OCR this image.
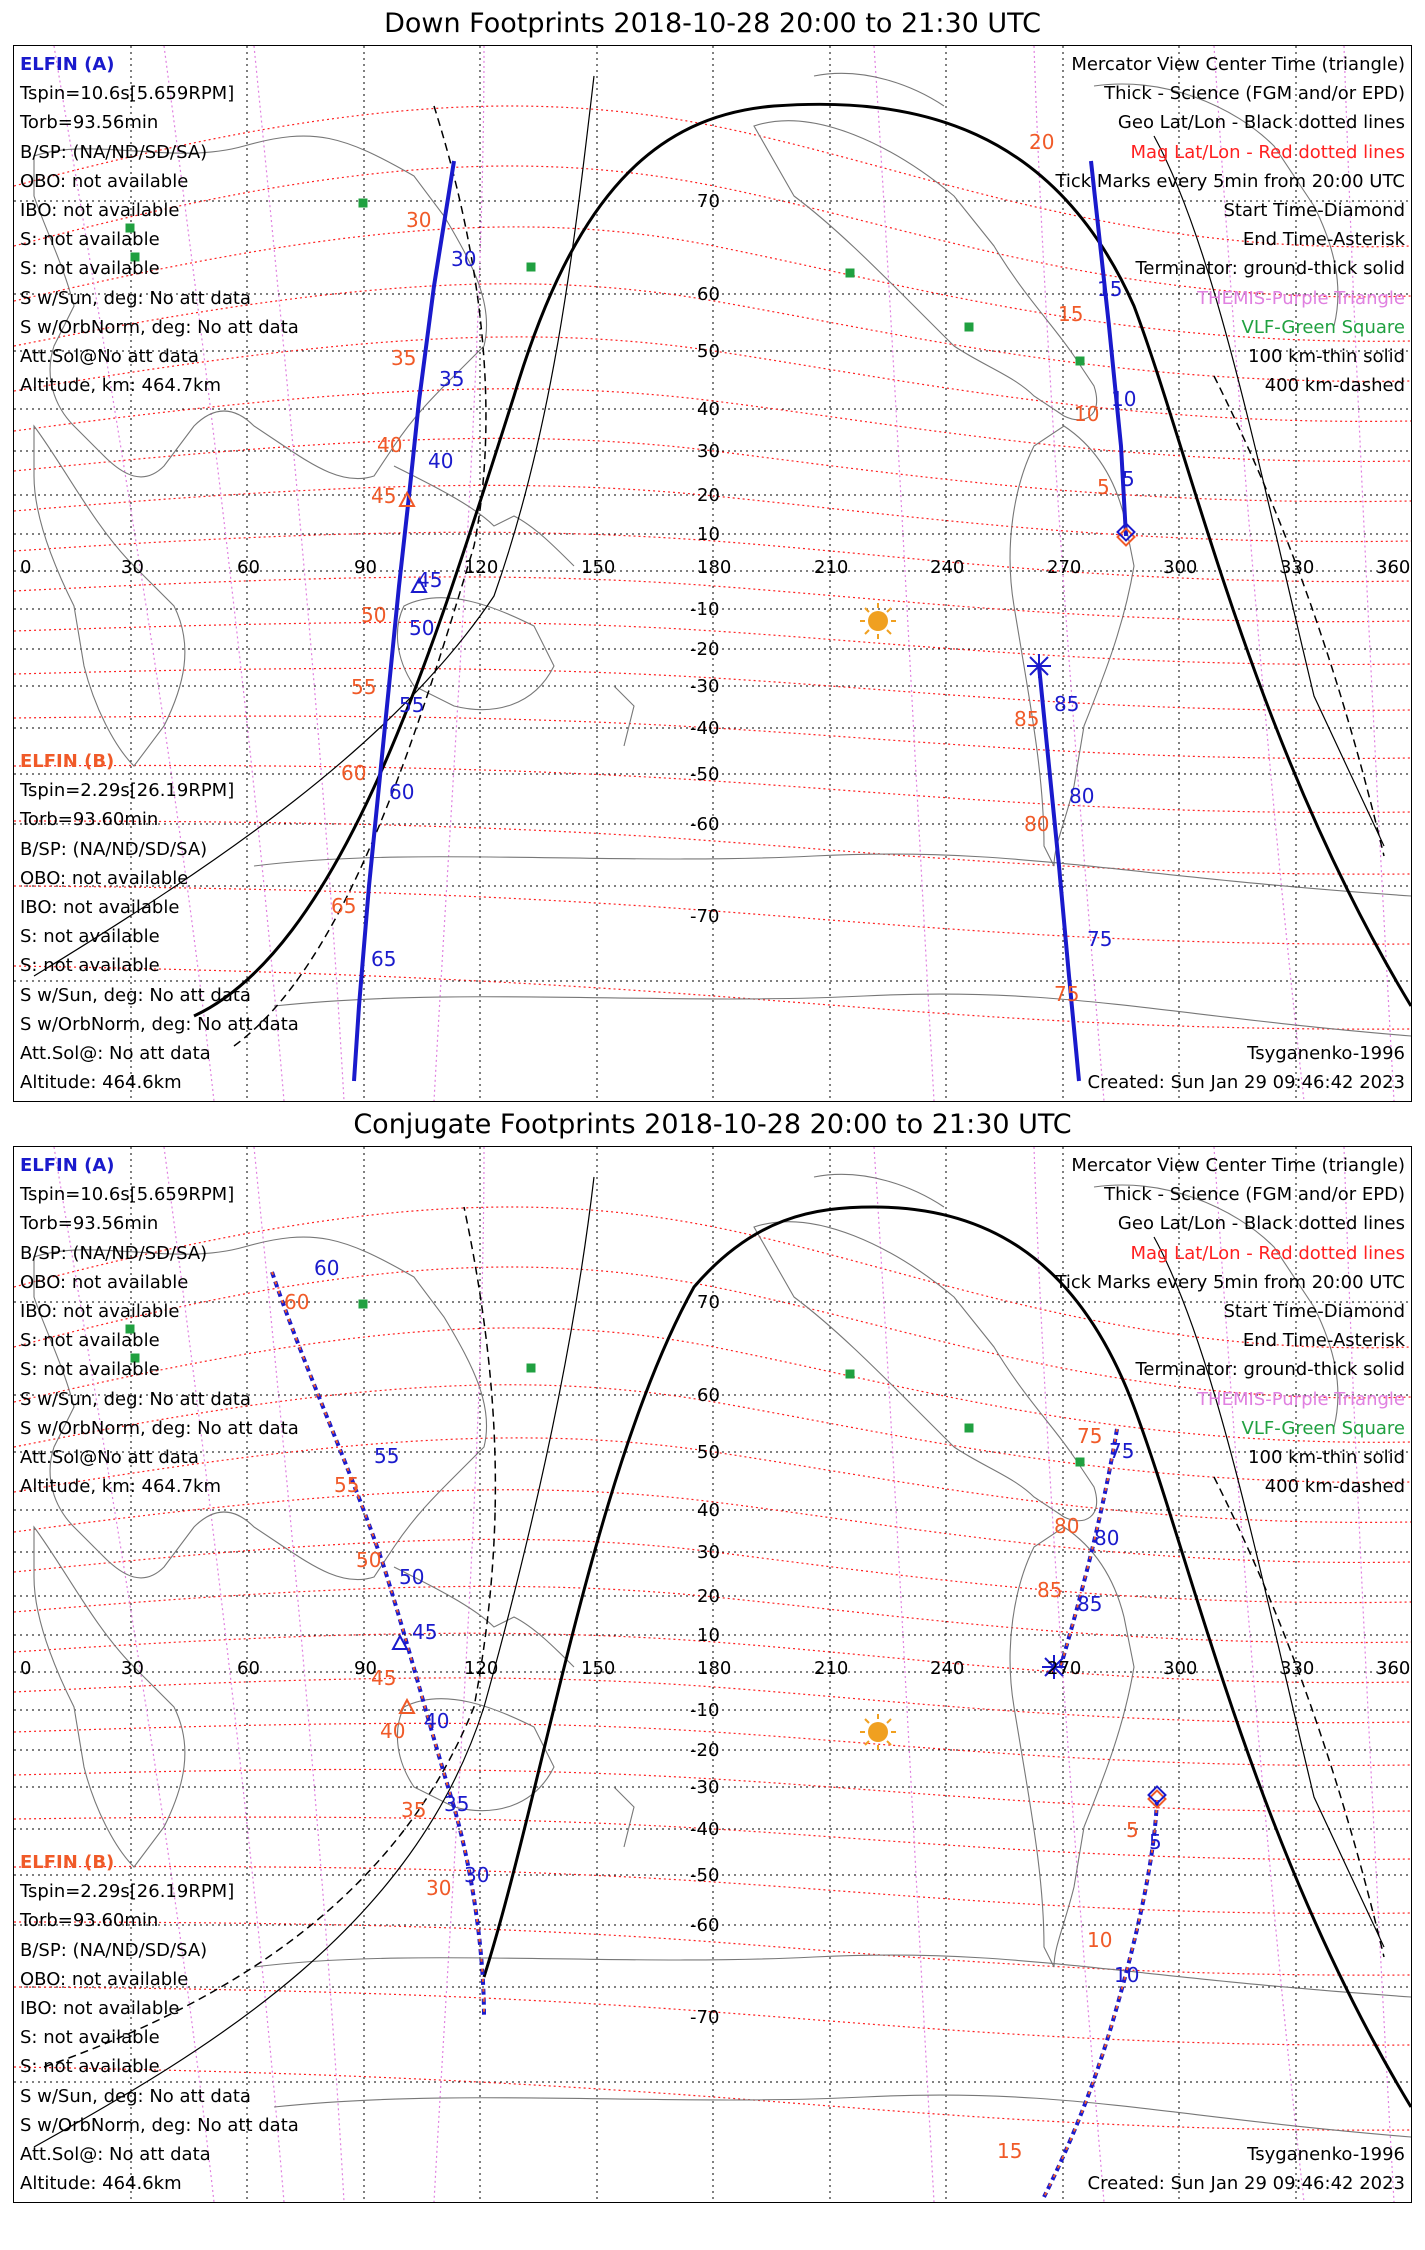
Down Footprints 2018-10-28 20:00 to 21:30 UTC
30
35
40
45
50
55
60
65
30
35
40
45
50
55
60
65
15
10
5
85
80
75
20
15
10
5
85
80
75
0	30	60	90	120	150	180	210	240	270	300	330	360
70
60
50
40
30
20
10
-10
-20
-30
-40
-50
-60
-70
ELFIN (A)
Tspin=10.6s[5.659RPM]
Torb=93.56min
B/SP: (NA/ND/SD/SA)
OBO: not available
IBO: not available
S: not available
S: not available
S w/Sun, deg: No att data
S w/OrbNorm, deg: No att data
Att.Sol@No att data
Altitude, km: 464.7km
Mercator View Center Time (triangle)
Thick - Science (FGM and/or EPD)
Geo Lat/Lon - Black dotted lines
Mag Lat/Lon - Red dotted lines
Tick Marks every 5min from 20:00 UTC
Start Time-Diamond
End Time-Asterisk
Terminator: ground-thick solid
THEMIS-Purple Triangle
VLF-Green Square
100 km-thin solid
400 km-dashed
ELFIN (B)
Tspin=2.29s[26.19RPM]
Torb=93.60min
B/SP: (NA/ND/SD/SA)
OBO: not available
IBO: not available
S: not available
S: not available
S w/Sun, deg: No att data
S w/OrbNorm, deg: No att data
Att.Sol@: No att data
Altitude: 464.6km
Tsyganenko-1996
Created: Sun Jan 29 09:46:42 2023
Conjugate Footprints 2018-10-28 20:00 to 21:30 UTC
60
55
50
45
40
35
30
60
55
50
45
40
35
30
75
80
85
5
10
75
80
85
5
10
15
0	30	60	90	120	150	180	210	240	270	300	330	360
70
60
50
40
30
20
10
-10
-20
-30
-40
-50
-60
-70
ELFIN (A)
Tspin=10.6s[5.659RPM]
Torb=93.56min
B/SP: (NA/ND/SD/SA)
OBO: not available
IBO: not available
S: not available
S: not available
S w/Sun, deg: No att data
S w/OrbNorm, deg: No att data
Att.Sol@No att data
Altitude, km: 464.7km
Mercator View Center Time (triangle)
Thick - Science (FGM and/or EPD)
Geo Lat/Lon - Black dotted lines
Mag Lat/Lon - Red dotted lines
Tick Marks every 5min from 20:00 UTC
Start Time-Diamond
End Time-Asterisk
Terminator: ground-thick solid
THEMIS-Purple Triangle
VLF-Green Square
100 km-thin solid
400 km-dashed
ELFIN (B)
Tspin=2.29s[26.19RPM]
Torb=93.60min
B/SP: (NA/ND/SD/SA)
OBO: not available
IBO: not available
S: not available
S: not available
S w/Sun, deg: No att data
S w/OrbNorm, deg: No att data
Att.Sol@: No att data
Altitude: 464.6km
Tsyganenko-1996
Created: Sun Jan 29 09:46:42 2023
